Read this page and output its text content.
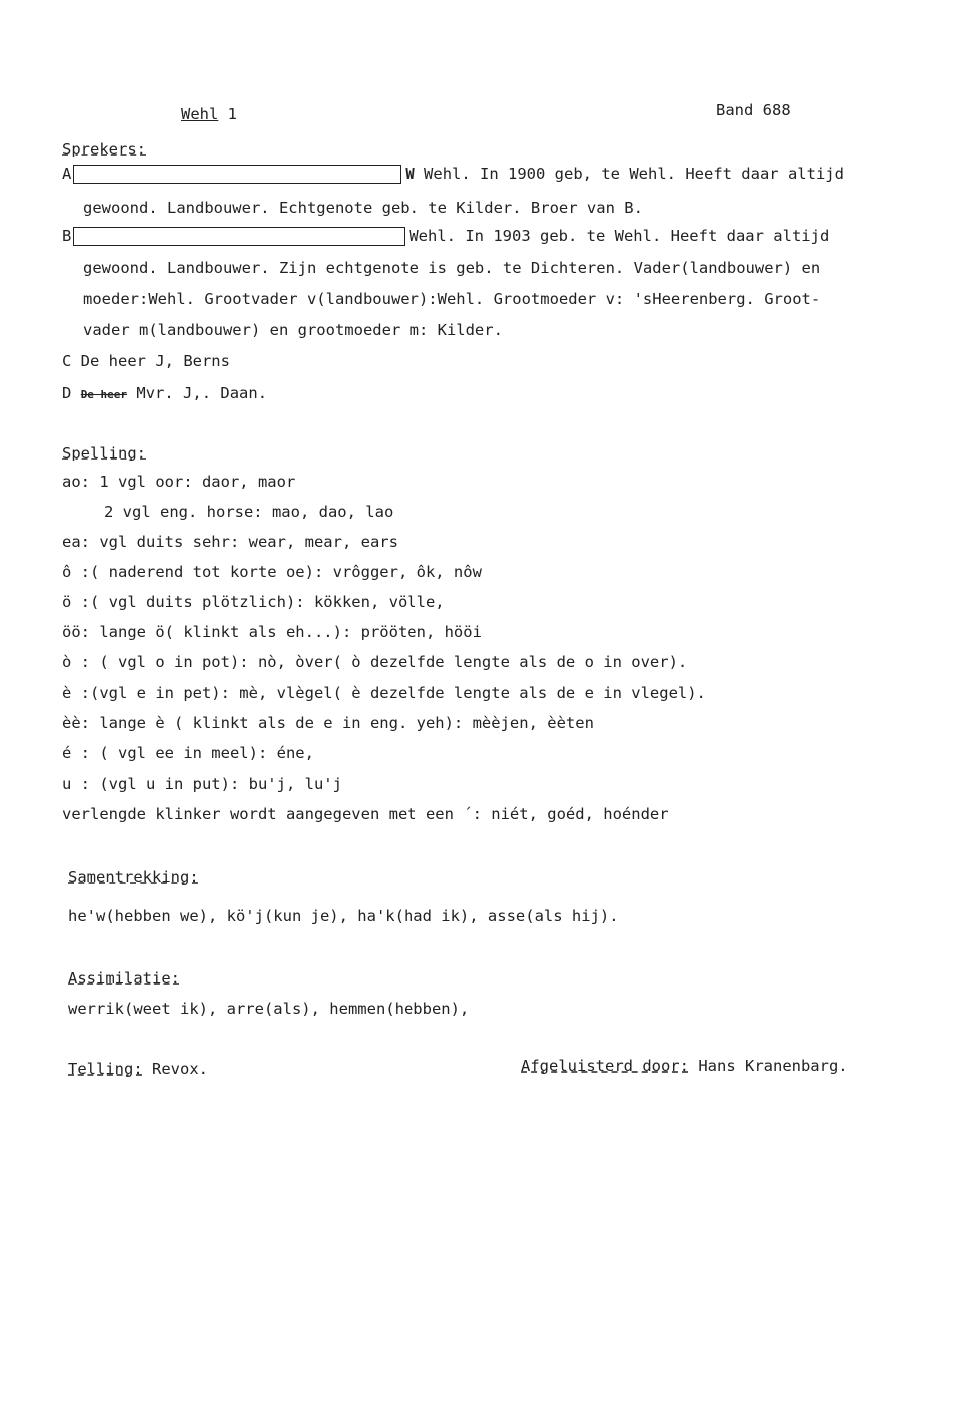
Wehl 1	Band 688
Sprekers:
A	W Wehl. In 1900 geb, te Wehl. Heeft daar altijd
gewoond. Landbouwer. Echtgenote geb. te Kilder. Broer van B.
B	Wehl. In 1903 geb. te Wehl. Heeft daar altijd
gewoond. Landbouwer. Zijn echtgenote is geb. te Dichteren. Vader(landbouwer) en
moeder:Wehl. Grootvader v(landbouwer):Wehl. Grootmoeder v: 'sHeerenberg. Groot-
vader m(landbouwer) en grootmoeder m: Kilder.
C De heer J, Berns
D De heer Mvr. J,. Daan.
Spelling:
ao: 1 vgl oor: daor, maor
2 vgl eng. horse: mao, dao, lao
ea: vgl duits sehr: wear, mear, ears
ô :( naderend tot korte oe): vrôgger, ôk, nôw
ö :( vgl duits plötzlich): kökken, völle,
öö: lange ö( klinkt als eh...): prööten, hööi
ò : ( vgl o in pot): nò, òver( ò dezelfde lengte als de o in over).
è :(vgl e in pet): mè, vlègel( è dezelfde lengte als de e in vlegel).
èè: lange è ( klinkt als de e in eng. yeh): mèèjen, èèten
é : ( vgl ee in meel): éne,
u : (vgl u in put): bu'j, lu'j
verlengde klinker wordt aangegeven met een ´: niét, goéd, hoénder
Samentrekking:
he'w(hebben we), kö'j(kun je), ha'k(had ik), asse(als hij).
Assimilatie:
werrik(weet ik), arre(als), hemmen(hebben),
Telling: Revox.	Afgeluisterd door: Hans Kranenbarg.
